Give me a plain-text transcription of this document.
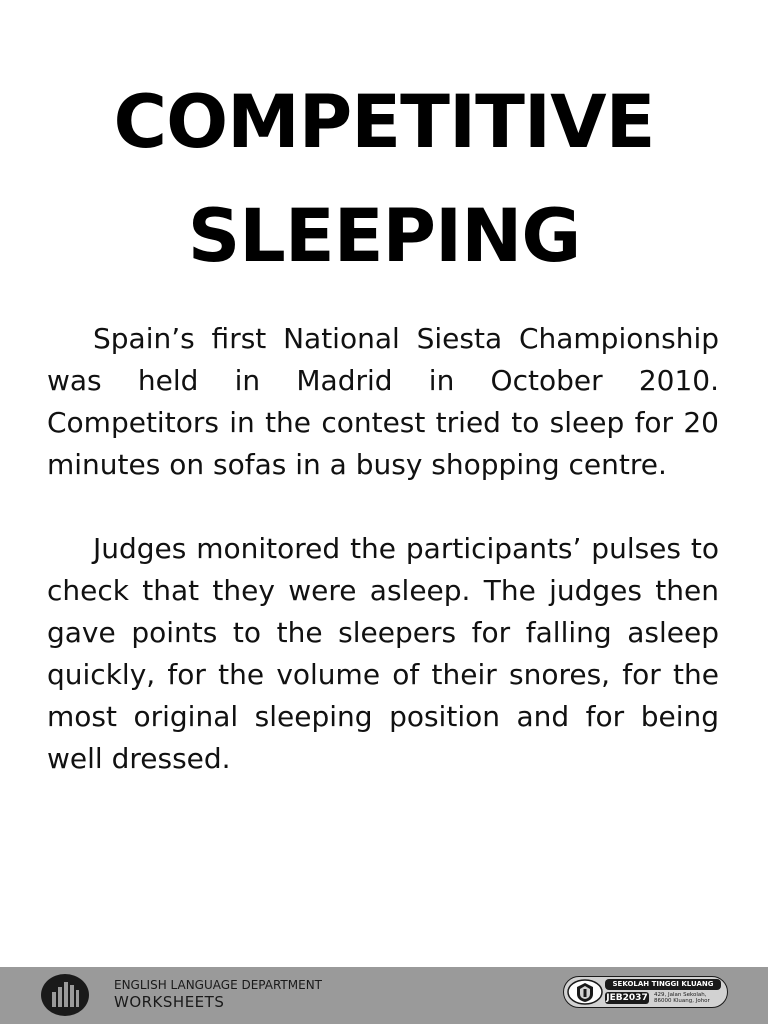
COMPETITIVE
SLEEPING

Spain’s first National Siesta Championship was held in Madrid in October 2010. Competitors in the contest tried to sleep for 20 minutes on sofas in a busy shopping centre.

Judges monitored the participants’ pulses to check that they were asleep. The judges then gave points to the sleepers for falling asleep quickly, for the volume of their snores, for the most original sleeping position and for being well dressed.

ENGLISH LANGUAGE DEPARTMENT
WORKSHEETS
SEKOLAH TINGGI KLUANG
JEB2037 429, Jalan Sekolah,
86000 Kluang, Johor
